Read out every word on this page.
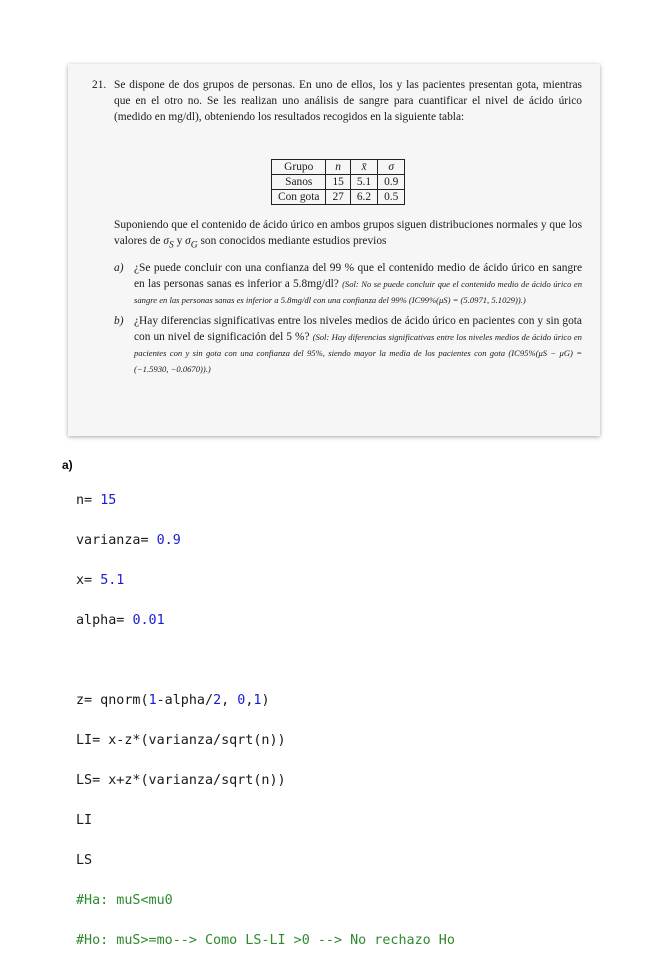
21. Se dispone de dos grupos de personas. En uno de ellos, los y las pacientes presentan gota, mientras que en el otro no. Se les realizan uno análisis de sangre para cuantificar el nivel de ácido úrico (medido en mg/dl), obteniendo los resultados recogidos en la siguiente tabla:
Grupo	n	x̄	σ
Sanos	15	5.1	0.9
Con gota	27	6.2	0.5
Suponiendo que el contenido de ácido úrico en ambos grupos siguen distribuciones normales y que los valores de $\sigma_S$ y $\sigma_G$ son conocidos mediante estudios previos
a) ¿Se puede concluir con una confianza del 99 % que el contenido medio de ácido úrico en sangre en las personas sanas es inferior a 5.8mg/dl? (Sol: No se puede concluir que el contenido medio de ácido úrico en sangre en las personas sanas es inferior a 5.8mg/dl con una confianza del 99% (IC99%(μS) = (5.0971, 5.1029)).)
b) ¿Hay diferencias significativas entre los niveles medios de ácido úrico en pacientes con y sin gota con un nivel de significación del 5 %? (Sol: Hay diferencias significativas entre los niveles medios de ácido úrico en pacientes con y sin gota con una confianza del 95%, siendo mayor la media de los pacientes con gota (IC95%(μS − μG) = (−1.5930, −0.0670)).)
a)

n= 15

varianza= 0.9

x= 5.1

alpha= 0.01

z= qnorm(1-alpha/2, 0,1)

LI= x-z*(varianza/sqrt(n))

LS= x+z*(varianza/sqrt(n))

LI

LS

#Ha: muS<mu0

#Ho: muS>=mo--> Como LS-LI >0 --> No rechazo Ho
